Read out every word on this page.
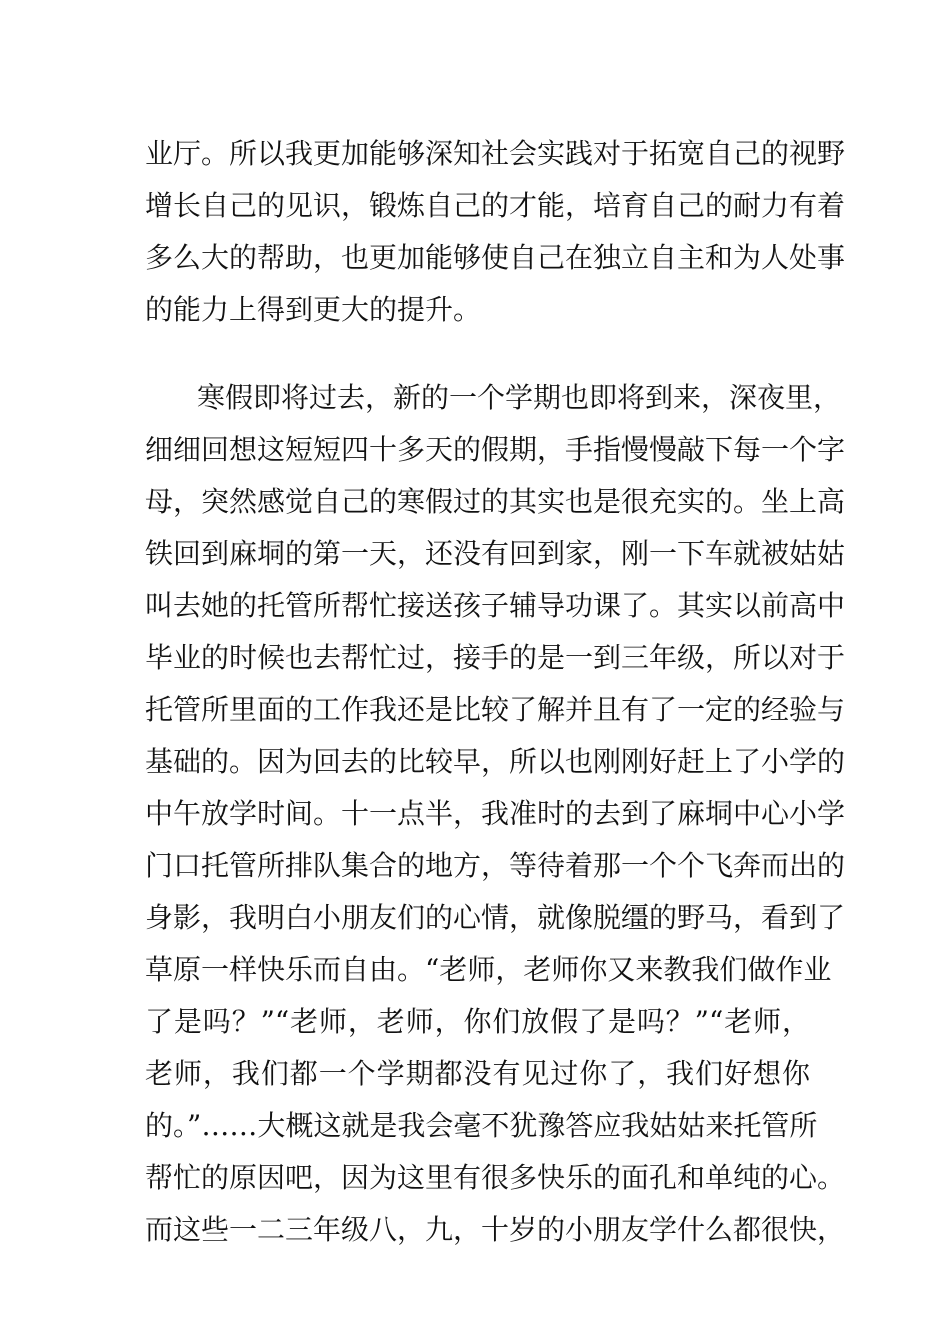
业厅。所以我更加能够深知社会实践对于拓宽自己的视野
增长自己的见识，锻炼自己的才能，培育自己的耐力有着
多么大的帮助，也更加能够使自己在独立自主和为人处事
的能力上得到更大的提升。
寒假即将过去，新的一个学期也即将到来，深夜里，
细细回想这短短四十多天的假期，手指慢慢敲下每一个字
母，突然感觉自己的寒假过的其实也是很充实的。坐上高
铁回到麻垌的第一天，还没有回到家，刚一下车就被姑姑
叫去她的托管所帮忙接送孩子辅导功课了。其实以前高中
毕业的时候也去帮忙过，接手的是一到三年级，所以对于
托管所里面的工作我还是比较了解并且有了一定的经验与
基础的。因为回去的比较早，所以也刚刚好赶上了小学的
中午放学时间。十一点半，我准时的去到了麻垌中心小学
门口托管所排队集合的地方，等待着那一个个飞奔而出的
身影，我明白小朋友们的心情，就像脱缰的野马，看到了
草原一样快乐而自由。“老师，老师你又来教我们做作业
了是吗？”“老师，老师，你们放假了是吗？”“老师，
老师，我们都一个学期都没有见过你了，我们好想你
的。”……大概这就是我会毫不犹豫答应我姑姑来托管所
帮忙的原因吧，因为这里有很多快乐的面孔和单纯的心。
而这些一二三年级八，九，十岁的小朋友学什么都很快，
